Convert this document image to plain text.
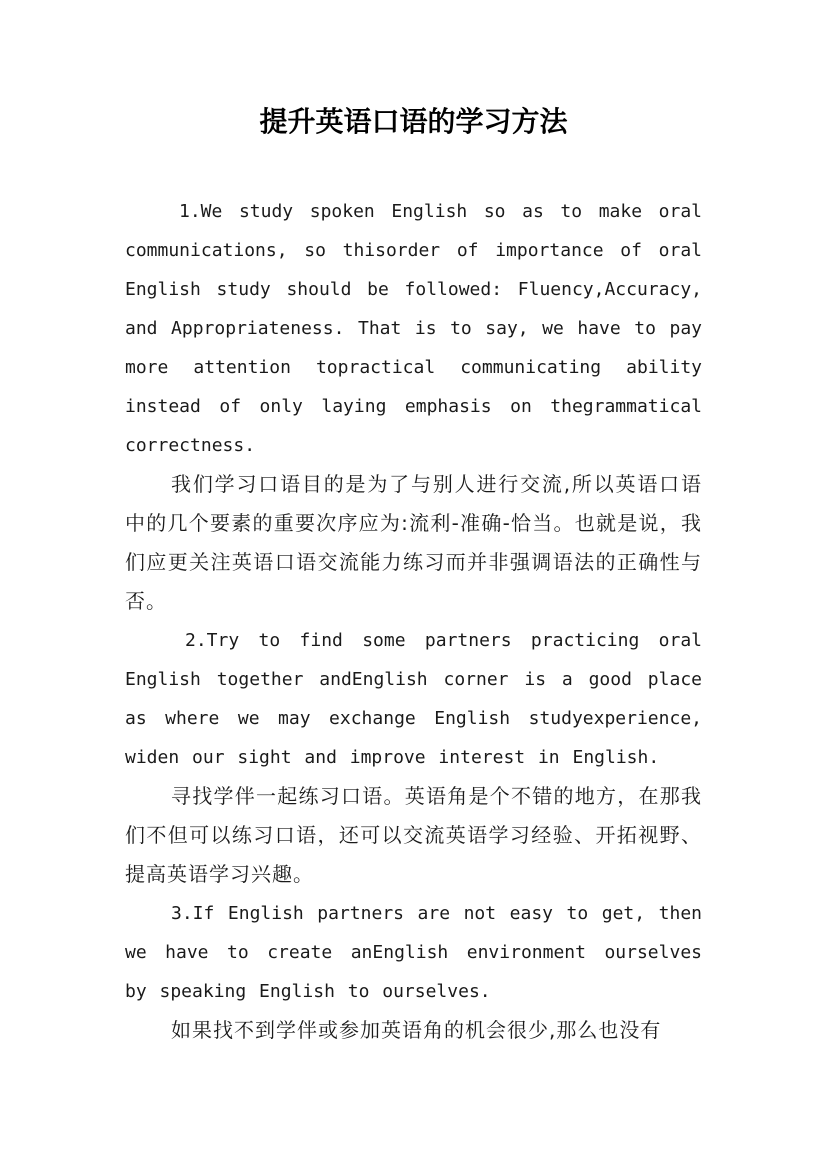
提升英语口语的学习方法

1.We study spoken English so as to make oral communications, so thisorder of importance of oral English study should be followed: Fluency,Accuracy, and Appropriateness. That is to say, we have to pay more attention topractical communicating ability instead of only laying emphasis on thegrammatical correctness.

我们学习口语目的是为了与别人进行交流,所以英语口语中的几个要素的重要次序应为:流利-准确-恰当。也就是说，我们应更关注英语口语交流能力练习而并非强调语法的正确性与否。

2.Try to find some partners practicing oral English together andEnglish corner is a good place as where we may exchange English studyexperience, widen our sight and improve interest in English.

寻找学伴一起练习口语。英语角是个不错的地方，在那我们不但可以练习口语，还可以交流英语学习经验、开拓视野、提高英语学习兴趣。

3.If English partners are not easy to get, then we have to create anEnglish environment ourselves by speaking English to ourselves.

如果找不到学伴或参加英语角的机会很少,那么也没有
